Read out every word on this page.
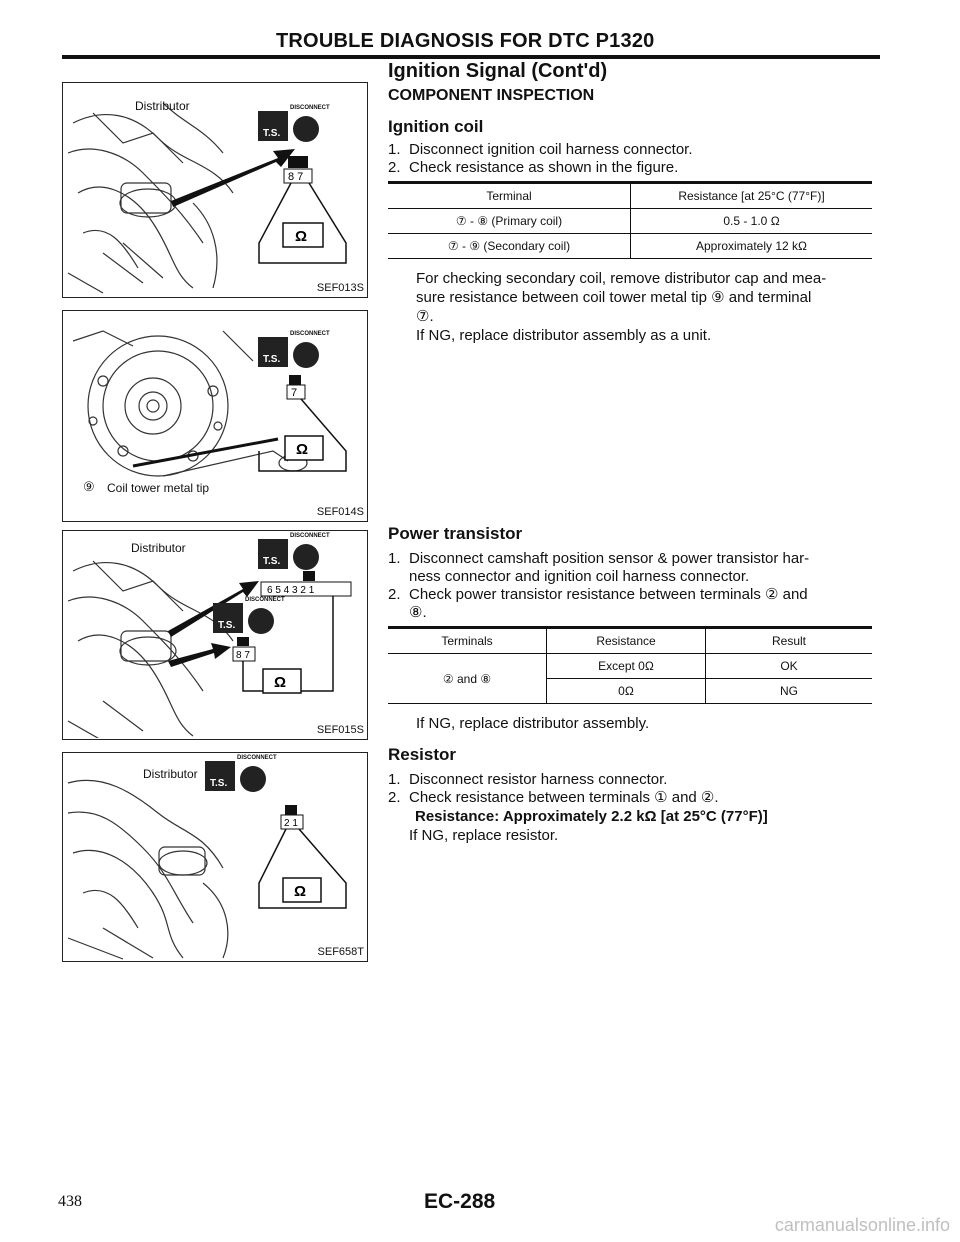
TROUBLE DIAGNOSIS FOR DTC P1320
T.S.
DISCONNECT
8 7
Ω
Distributor
SEF013S
T.S.
DISCONNECT
7
Ω
⑨ Coil tower metal tip
SEF014S
T.S.
DISCONNECT
6 5 4 3 2 1
T.S.
DISCONNECT
8 7
Ω
Distributor
SEF015S
T.S.
DISCONNECT
2 1
Ω
Distributor
SEF658T
Ignition Signal (Cont'd)
COMPONENT INSPECTION
Ignition coil
1. Disconnect ignition coil harness connector.
2. Check resistance as shown in the figure.
Terminal	Resistance [at 25°C (77°F)]
⑦ - ⑧ (Primary coil)	0.5 - 1.0 Ω
⑦ - ⑨ (Secondary coil)	Approximately 12 kΩ
For checking secondary coil, remove distributor cap and mea-
sure resistance between coil tower metal tip ⑨ and terminal
⑦.
If NG, replace distributor assembly as a unit.
Power transistor
1. Disconnect camshaft position sensor & power transistor har-
ness connector and ignition coil harness connector.
2. Check power transistor resistance between terminals ② and
⑧.
Terminals	Resistance	Result
② and ⑧	Except 0Ω	OK
	0Ω	NG
If NG, replace distributor assembly.
Resistor
1. Disconnect resistor harness connector.
2. Check resistance between terminals ① and ②.
Resistance: Approximately 2.2 kΩ [at 25°C (77°F)]
If NG, replace resistor.
438	EC-288
carmanualsonline.info
